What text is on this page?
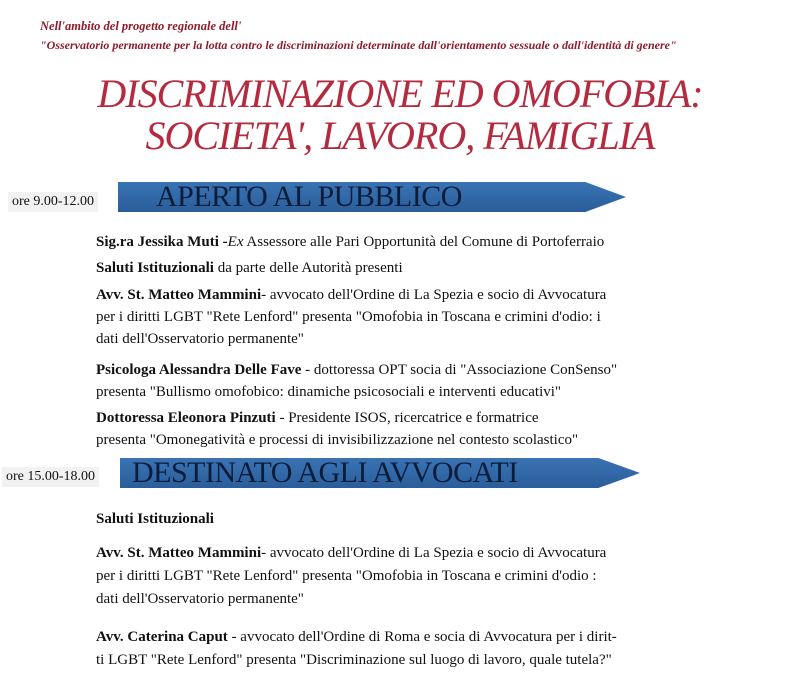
Nell'ambito del progetto regionale dell'
"Osservatorio permanente per la lotta contro le discriminazioni determinate dall'orientamento sessuale o dall'identità di genere"
DISCRIMINAZIONE ED OMOFOBIA:
SOCIETA', LAVORO, FAMIGLIA
ore 9.00-12.00 APERTO AL PUBBLICO
Sig.ra Jessika Muti -Ex Assessore alle Pari Opportunità del Comune di Portoferraio
Saluti Istituzionali da parte delle Autorità presenti
Avv. St. Matteo Mammini- avvocato dell'Ordine di La Spezia e socio di Avvocatura
per i diritti LGBT "Rete Lenford" presenta "Omofobia in Toscana e crimini d'odio: i
dati dell'Osservatorio permanente"
Psicologa Alessandra Delle Fave - dottoressa OPT socia di "Associazione ConSenso"
presenta "Bullismo omofobico: dinamiche psicosociali e interventi educativi"
Dottoressa Eleonora Pinzuti - Presidente ISOS, ricercatrice e formatrice
presenta "Omonegatività e processi di invisibilizzazione nel contesto scolastico"
ore 15.00-18.00 DESTINATO AGLI AVVOCATI
Saluti Istituzionali
Avv. St. Matteo Mammini- avvocato dell'Ordine di La Spezia e socio di Avvocatura
per i diritti LGBT "Rete Lenford" presenta "Omofobia in Toscana e crimini d'odio :
dati dell'Osservatorio permanente"
Avv. Caterina Caput - avvocato dell'Ordine di Roma e socia di Avvocatura per i dirit-
ti LGBT "Rete Lenford" presenta "Discriminazione sul luogo di lavoro, quale tutela?"
